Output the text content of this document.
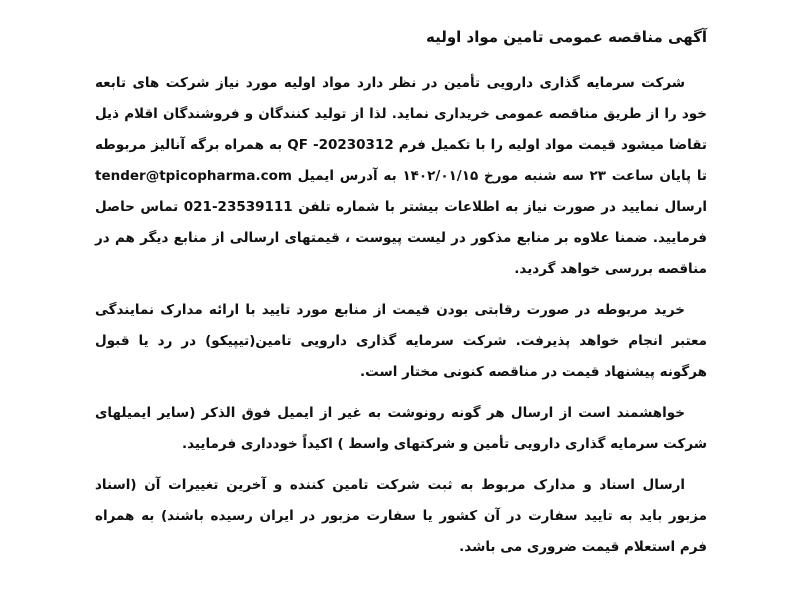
آگهی مناقصه عمومی تامین مواد اولیه

شرکت سرمایه گذاری دارویی تأمین در نظر دارد مواد اولیه مورد نیاز شرکت های تابعه خود را از طریق مناقصه عمومی خریداری نماید. لذا از تولید کنندگان و فروشندگان اقلام ذیل تقاضا میشود قیمت مواد اولیه را با تکمیل فرم QF -20230312 به همراه برگه آنالیز مربوطه تا پایان ساعت ۲۳ سه شنبه مورخ ۱۴۰۲/۰۱/۱۵ به آدرس ایمیل tender@tpicopharma.com ارسال نمایید در صورت نیاز به اطلاعات بیشتر با شماره تلفن 23539111-021 تماس حاصل فرمایید. ضمنا علاوه بر منابع مذکور در لیست پیوست ، قیمتهای ارسالی از منابع دیگر هم در مناقصه بررسی خواهد گردید.

خرید مربوطه در صورت رقابتی بودن قیمت از منابع مورد تایید با ارائه مدارک نمایندگی معتبر انجام خواهد پذیرفت. شرکت سرمایه گذاری دارویی تامین(تیپیکو) در رد یا قبول هرگونه پیشنهاد قیمت در مناقصه کنونی مختار است.

خواهشمند است از ارسال هر گونه رونوشت به غیر از ایمیل فوق الذکر (سایر ایمیلهای شرکت سرمایه گذاری دارویی تأمین و شرکتهای واسط ) اکیداً خودداری فرمایید.

ارسال اسناد و مدارک مربوط به ثبت شرکت تامین کننده و آخرین تغییرات آن (اسناد مزبور باید به تایید سفارت در آن کشور یا سفارت مزبور در ایران رسیده باشند) به همراه فرم استعلام قیمت ضروری می باشد.
